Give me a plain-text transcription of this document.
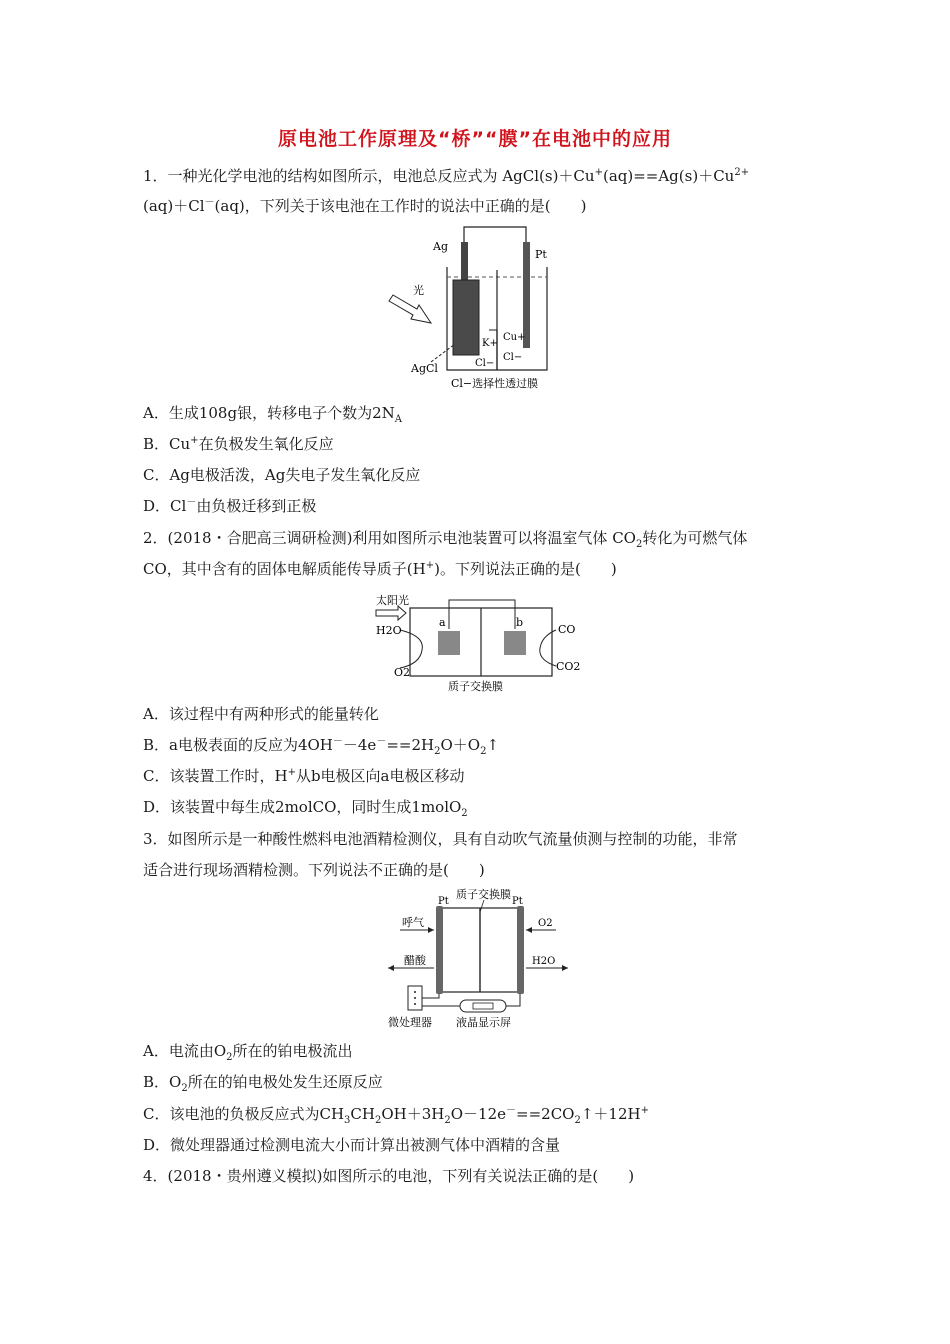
原电池工作原理及“桥”“膜”在电池中的应用
1．一种光化学电池的结构如图所示，电池总反应式为 $AgCl(s)+Cu^+(aq)==Ag(s)+Cu^{2+}$
(aq)＋Cl－(aq)，下列关于该电池在工作时的说法中正确的是(　　)
Ag
Pt
光
K+
Cu+
Cl−
Cl−
AgCl
Cl−选择性透过膜
A．生成108g银，转移电子个数为$2N_A$
B．Cu+在负极发生氧化反应
C．Ag电极活泼，Ag失电子发生氧化反应
D．Cl－由负极迁移到正极
2．(2018・合肥高三调研检测)利用如图所示电池装置可以将温室气体 $CO_2$转化为可燃气体
CO，其中含有的固体电解质能传导质子(H+)。下列说法正确的是(　　)
太阳光
H2O
O2
a	b
CO
CO2
质子交换膜
A．该过程中有两种形式的能量转化
B．a电极表面的反应为$4OH^--4e^-==2H_2O+O_2↑$
C．该装置工作时，H+从b电极区向a电极区移动
D．该装置中每生成2molCO，同时生成1molO$_2$
3．如图所示是一种酸性燃料电池酒精检测仪，具有自动吹气流量侦测与控制的功能，非常
适合进行现场酒精检测。下列说法不正确的是(　　)
质子交换膜
Pt	Pt
呼气
醋酸
O2
H2O
微处理器 液晶显示屏
A．电流由$O_2$所在的铂电极流出
B．$O_2$所在的铂电极处发生还原反应
C．该电池的负极反应式为$CH_3CH_2OH+3H_2O-12e^-==2CO_2↑+12H^+$
D．微处理器通过检测电流大小而计算出被测气体中酒精的含量
4．(2018・贵州遵义模拟)如图所示的电池，下列有关说法正确的是(　　)
